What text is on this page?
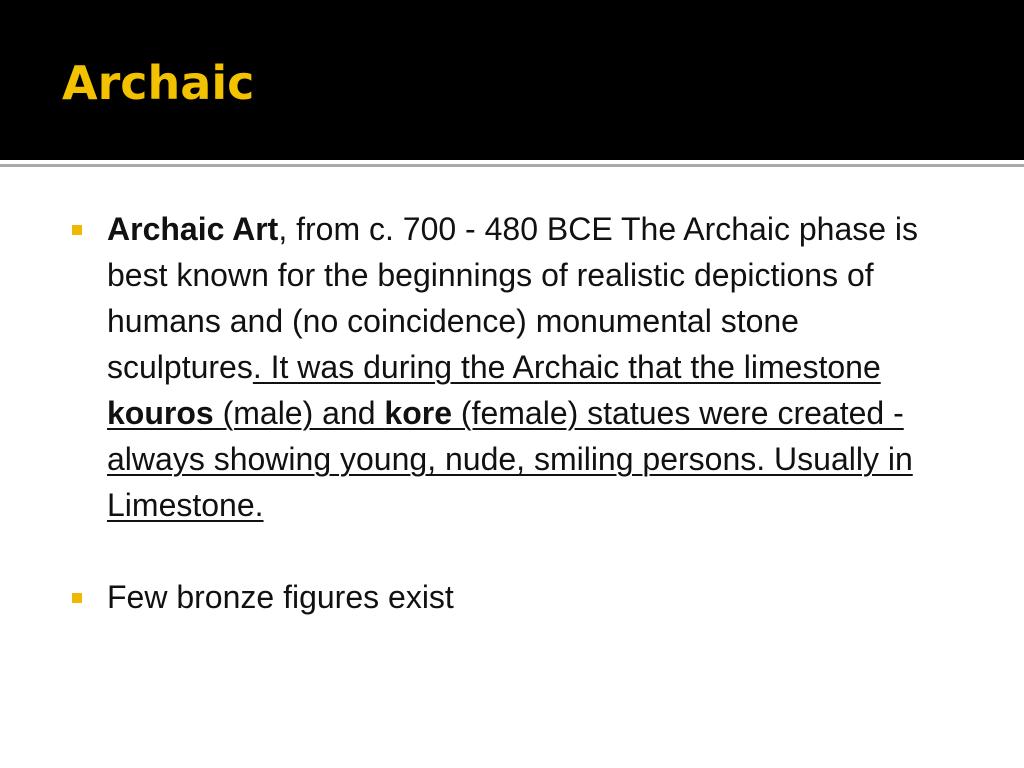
Archaic
Archaic Art, from c. 700 - 480 BCE The Archaic phase is best known for the beginnings of realistic depictions of humans and (no coincidence) monumental stone sculptures. It was during the Archaic that the limestone kouros (male) and kore (female) statues were created - always showing young, nude, smiling persons. Usually in Limestone.
Few bronze figures exist
